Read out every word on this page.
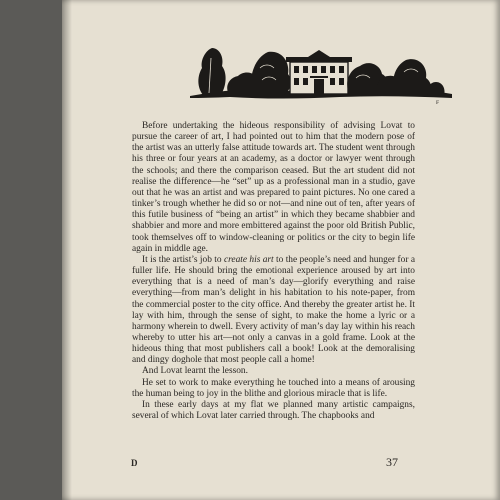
F

Before undertaking the hideous responsibility of advising Lovat to pursue the career of art, I had pointed out to him that the modern pose of the artist was an utterly false attitude towards art. The student went through his three or four years at an academy, as a doctor or lawyer went through the schools; and there the comparison ceased. But the art student did not realise the difference—he “set” up as a professional man in a studio, gave out that he was an artist and was prepared to paint pictures. No one cared a tinker’s trough whether he did so or not—and nine out of ten, after years of this futile business of “being an artist” in which they became shabbier and shabbier and more and more embittered against the poor old British Public, took themselves off to window-cleaning or politics or the city to begin life again in middle age.

It is the artist’s job to create his art to the people’s need and hunger for a fuller life. He should bring the emotional experience aroused by art into everything that is a need of man’s day—glorify everything and raise everything—from man’s delight in his habitation to his note-paper, from the commercial poster to the city office. And thereby the greater artist he. It lay with him, through the sense of sight, to make the home a lyric or a harmony wherein to dwell. Every activity of man’s day lay within his reach whereby to utter his art—not only a canvas in a gold frame. Look at the hideous thing that most publishers call a book! Look at the demoralising and dingy doghole that most people call a home!

And Lovat learnt the lesson.

He set to work to make everything he touched into a means of arousing the human being to joy in the blithe and glorious miracle that is life.

In these early days at my flat we planned many artistic campaigns, several of which Lovat later carried through. The chapbooks and

D	37
